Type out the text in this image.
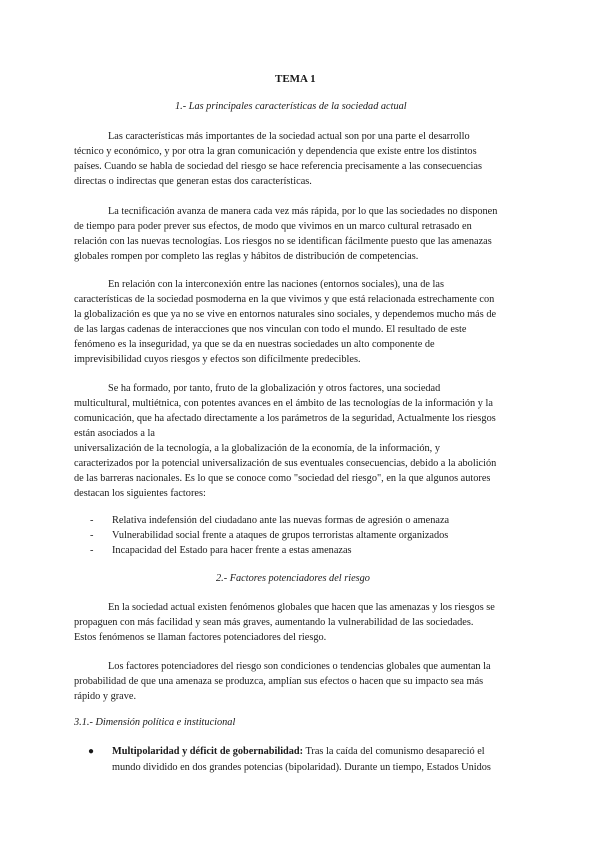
TEMA 1
1.- Las principales características de la sociedad actual
Las características más importantes de la sociedad actual son por una parte el desarrollo
técnico y económico, y por otra la gran comunicación y dependencia que existe entre los distintos
países. Cuando se habla de sociedad del riesgo se hace referencia precisamente a las consecuencias
directas o indirectas que generan estas dos características.
La tecnificación avanza de manera cada vez más rápida, por lo que las sociedades no disponen
de tiempo para poder prever sus efectos, de modo que vivimos en un marco cultural retrasado en
relación con las nuevas tecnologías. Los riesgos no se identifican fácilmente puesto que las amenazas
globales rompen por completo las reglas y hábitos de distribución de competencias.
En relación con la interconexión entre las naciones (entornos sociales), una de las
características de la sociedad posmoderna en la que vivimos y que está relacionada estrechamente con
la globalización es que ya no se vive en entornos naturales sino sociales, y dependemos mucho más de
de las largas cadenas de interacciones que nos vinculan con todo el mundo. El resultado de este
fenómeno es la inseguridad, ya que se da en nuestras sociedades un alto componente de
imprevisibilidad cuyos riesgos y efectos son difícilmente predecibles.
Se ha formado, por tanto, fruto de la globalización y otros factores, una sociedad
multicultural, multiétnica, con potentes avances en el ámbito de las tecnologías de la información y la
comunicación, que ha afectado directamente a los parámetros de la seguridad, Actualmente los riesgos
están asociados a la
universalización de la tecnología, a la globalización de la economía, de la información, y
caracterizados por la potencial universalización de sus eventuales consecuencias, debido a la abolición
de las barreras nacionales. Es lo que se conoce como "sociedad del riesgo", en la que algunos autores
destacan los siguientes factores:
- Relativa indefensión del ciudadano ante las nuevas formas de agresión o amenaza
- Vulnerabilidad social frente a ataques de grupos terroristas altamente organizados
- Incapacidad del Estado para hacer frente a estas amenazas
2.- Factores potenciadores del riesgo
En la sociedad actual existen fenómenos globales que hacen que las amenazas y los riesgos se
propaguen con más facilidad y sean más graves, aumentando la vulnerabilidad de las sociedades.
Estos fenómenos se llaman factores potenciadores del riesgo.
Los factores potenciadores del riesgo son condiciones o tendencias globales que aumentan la
probabilidad de que una amenaza se produzca, amplían sus efectos o hacen que su impacto sea más
rápido y grave.
3.1.- Dimensión política e institucional
● Multipolaridad y déficit de gobernabilidad: Tras la caída del comunismo desapareció el
mundo dividido en dos grandes potencias (bipolaridad). Durante un tiempo, Estados Unidos
